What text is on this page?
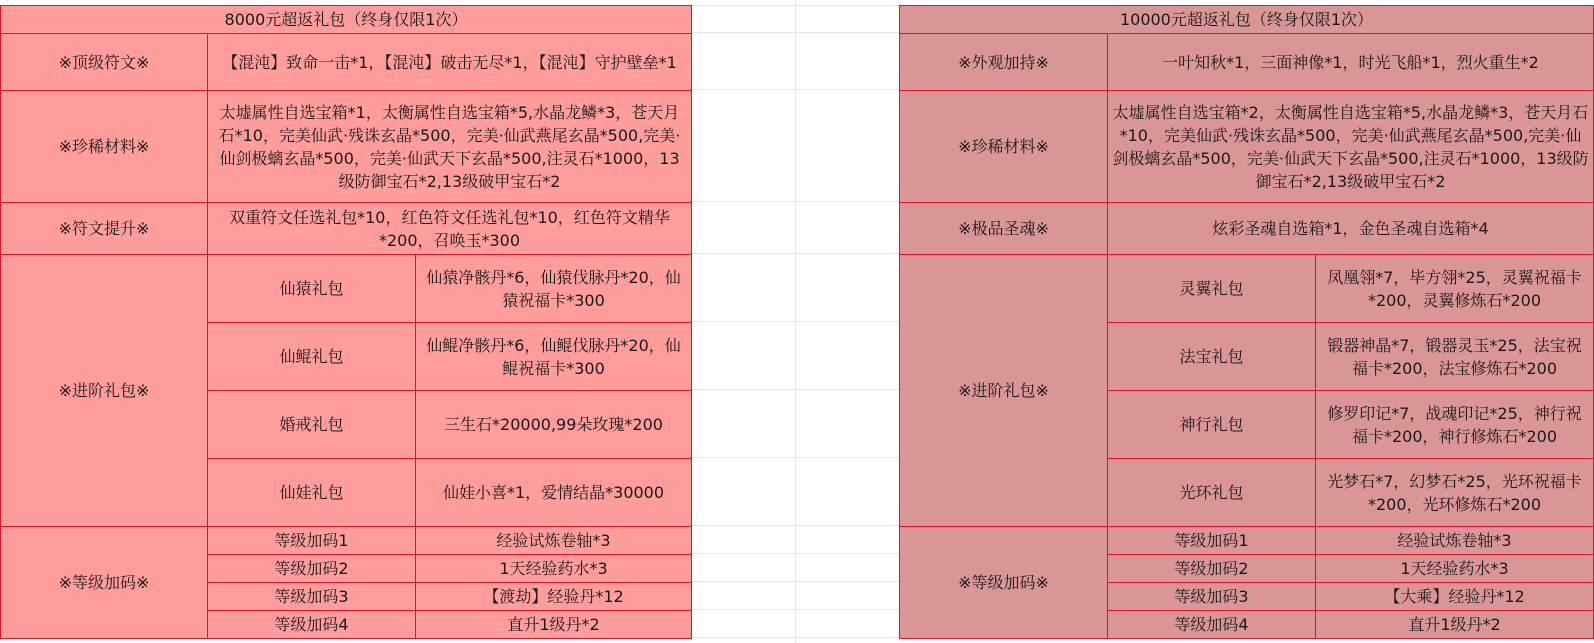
8000元超返礼包（终身仅限1次）		
※顶级符文※	【混沌】致命一击*1，【混沌】破击无尽*1，【混沌】守护壁垒*1	
※珍稀材料※	太墟属性自选宝箱*1，太衡属性自选宝箱*5,水晶龙鳞*3，苍天月石*10，完美仙武·残诛玄晶*500，完美·仙武燕尾玄晶*500,完美·仙剑极螭玄晶*500，完美·仙武天下玄晶*500,注灵石*1000，13级防御宝石*2,13级破甲宝石*2	
※符文提升※	双重符文任选礼包*10，红色符文任选礼包*10，红色符文精华*200，召唤玉*300	
※进阶礼包※	仙猿礼包	仙猿净骸丹*6，仙猿伐脉丹*20，仙猿祝福卡*300
	仙鲲礼包	仙鲲净骸丹*6，仙鲲伐脉丹*20，仙鲲祝福卡*300
	婚戒礼包	三生石*20000,99朵玫瑰*200
	仙娃礼包	仙娃小喜*1，爱情结晶*30000
※等级加码※	等级加码1	经验试炼卷轴*3
	等级加码2	1天经验药水*3
	等级加码3	【渡劫】经验丹*12
	等级加码4	直升1级丹*2
10000元超返礼包（终身仅限1次）		
※外观加持※	一叶知秋*1，三面神像*1，时光飞船*1，烈火重生*2	
※珍稀材料※	太墟属性自选宝箱*2，太衡属性自选宝箱*5,水晶龙鳞*3，苍天月石*10，完美仙武·残诛玄晶*500，完美·仙武燕尾玄晶*500,完美·仙剑极螭玄晶*500，完美·仙武天下玄晶*500,注灵石*1000，13级防御宝石*2,13级破甲宝石*2	
※极品圣魂※	炫彩圣魂自选箱*1，金色圣魂自选箱*4	
※进阶礼包※	灵翼礼包	凤凰翎*7，毕方翎*25，灵翼祝福卡*200，灵翼修炼石*200
	法宝礼包	锻器神晶*7，锻器灵玉*25，法宝祝福卡*200，法宝修炼石*200
	神行礼包	修罗印记*7，战魂印记*25，神行祝福卡*200，神行修炼石*200
	光环礼包	光梦石*7，幻梦石*25，光环祝福卡*200，光环修炼石*200
※等级加码※	等级加码1	经验试炼卷轴*3
	等级加码2	1天经验药水*3
	等级加码3	【大乘】经验丹*12
	等级加码4	直升1级丹*2
